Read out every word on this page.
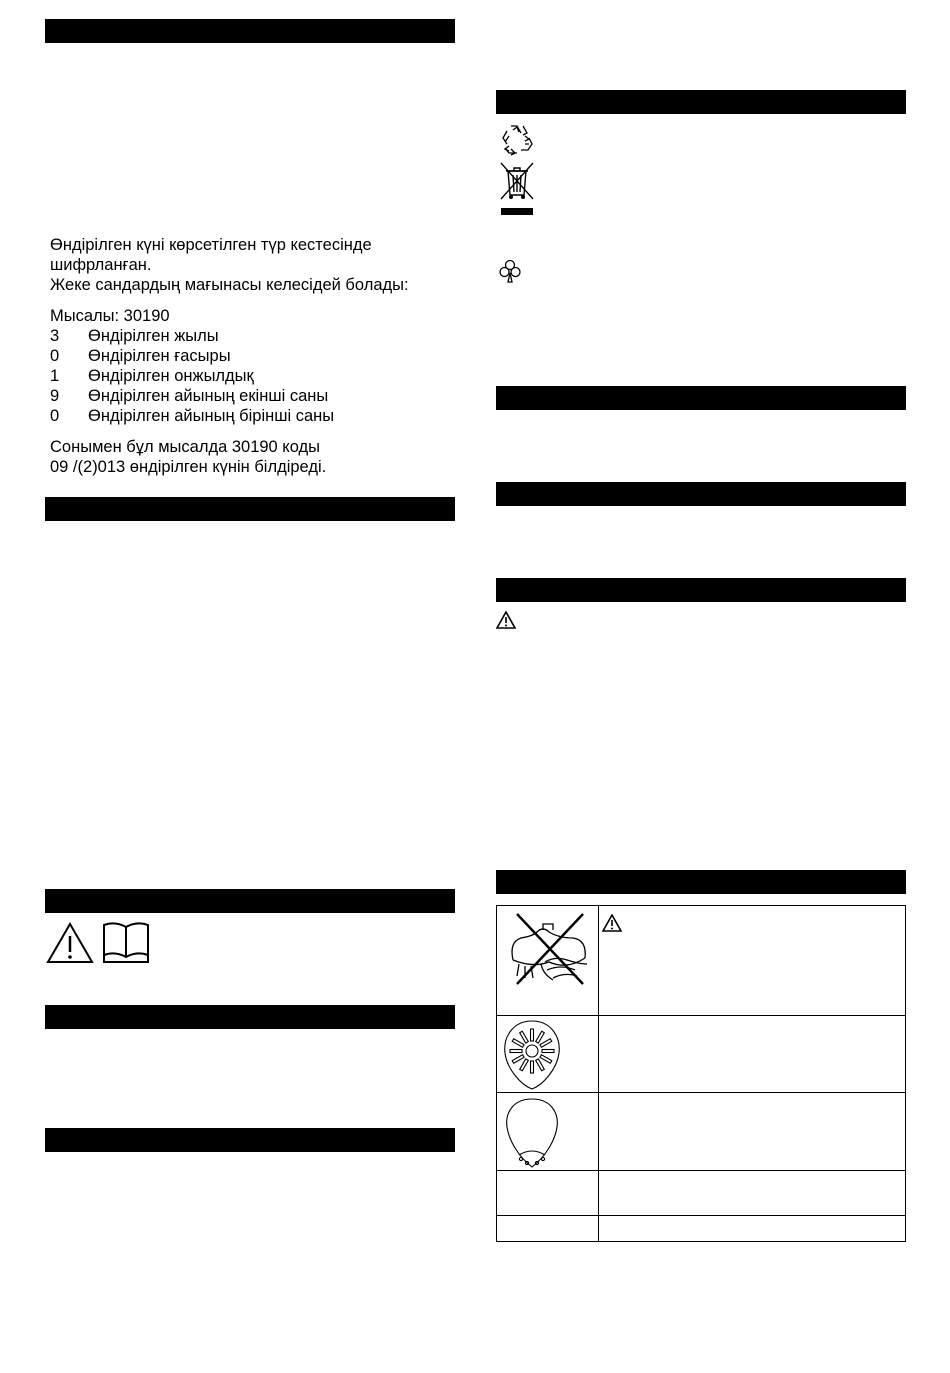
Өндірілген күні көрсетілген түр кестесінде
шифрланған.
Жеке сандардың мағынасы келесідей болады:
Мысалы: 30190
3 Өндірілген жылы
0 Өндірілген ғасыры
1 Өндірілген онжылдық
9 Өндірілген айының екінші саны
0 Өндірілген айының бірінші саны
Сонымен бұл мысалда 30190 коды
09 /(2)013 өндірілген күнін білдіреді.
